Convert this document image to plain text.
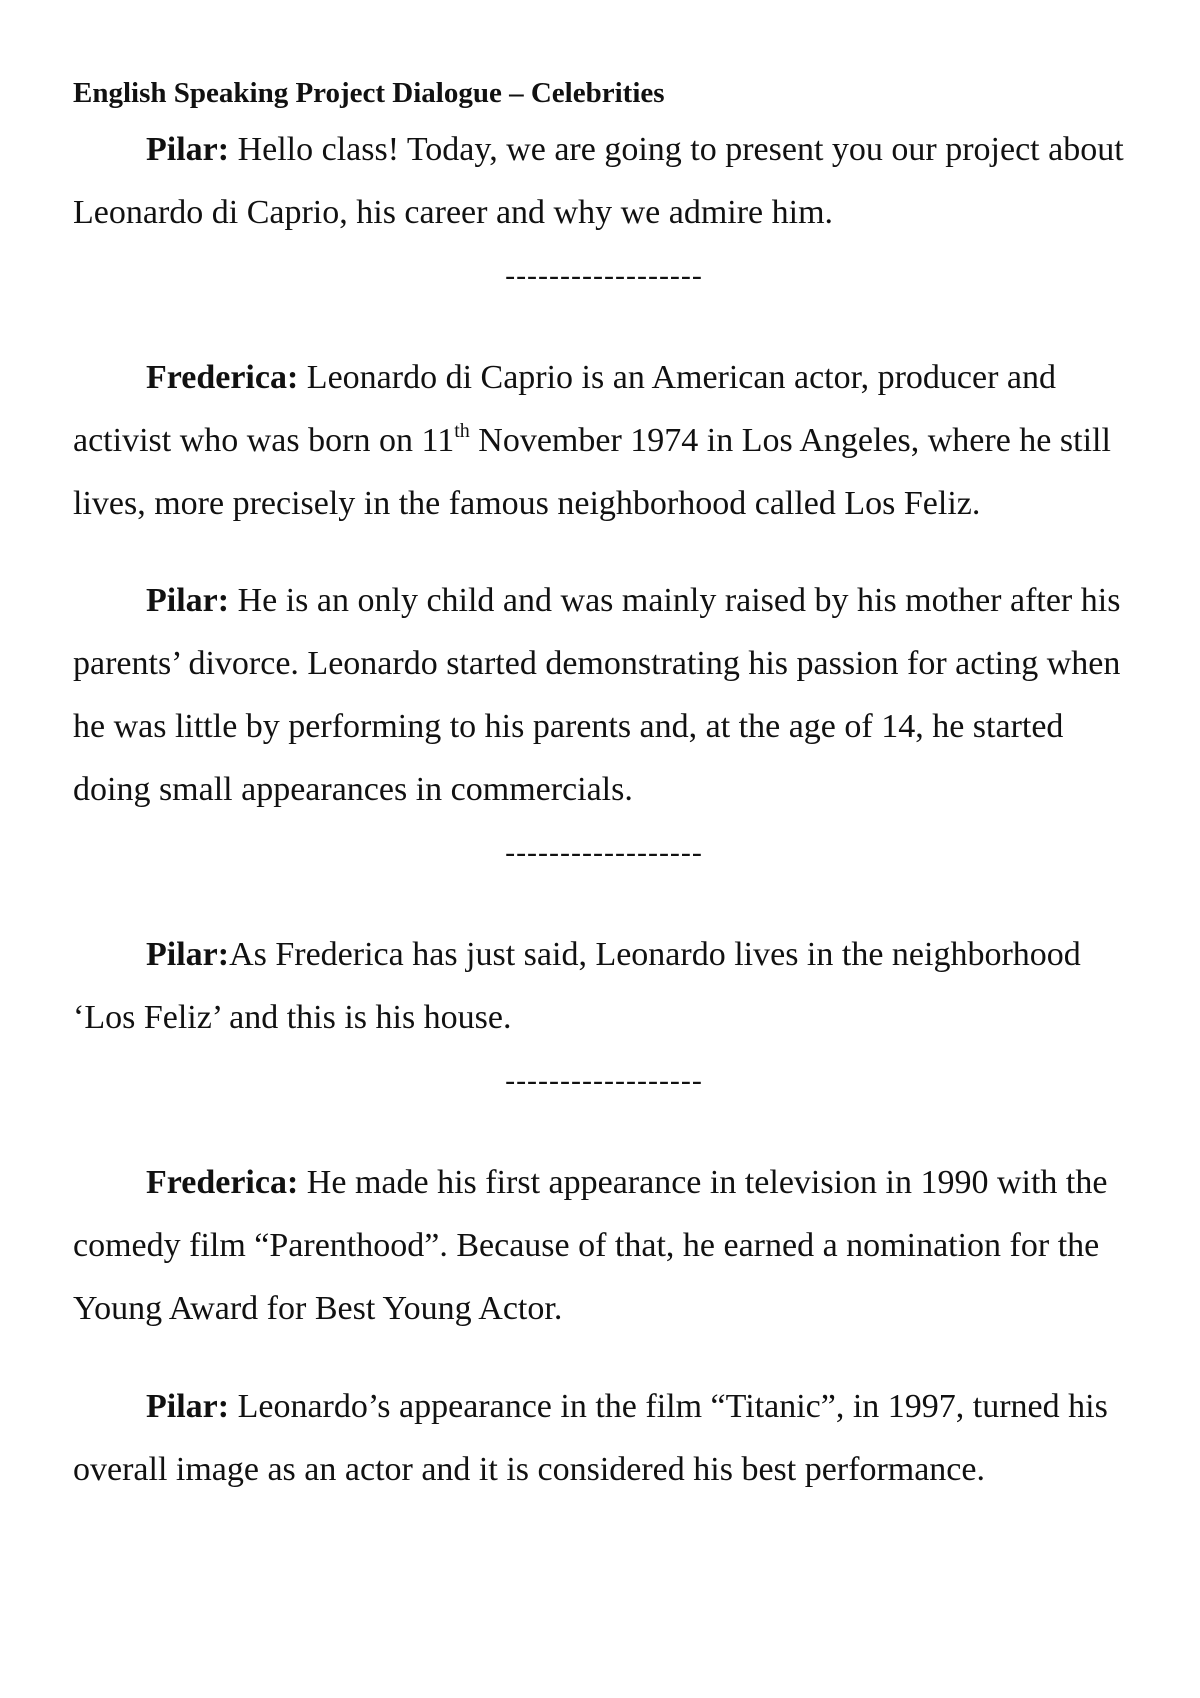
English Speaking Project Dialogue – Celebrities

Pilar: Hello class! Today, we are going to present you our project about Leonardo di Caprio, his career and why we admire him.

------------------

Frederica: Leonardo di Caprio is an American actor, producer and activist who was born on 11th November 1974 in Los Angeles, where he still lives, more precisely in the famous neighborhood called Los Feliz.

Pilar: He is an only child and was mainly raised by his mother after his parents’ divorce. Leonardo started demonstrating his passion for acting when he was little by performing to his parents and, at the age of 14, he started doing small appearances in commercials.

------------------

Pilar:As Frederica has just said, Leonardo lives in the neighborhood ‘Los Feliz’ and this is his house.

------------------

Frederica: He made his first appearance in television in 1990 with the comedy film “Parenthood”. Because of that, he earned a nomination for the Young Award for Best Young Actor.

Pilar: Leonardo’s appearance in the film “Titanic”, in 1997, turned his overall image as an actor and it is considered his best performance.
